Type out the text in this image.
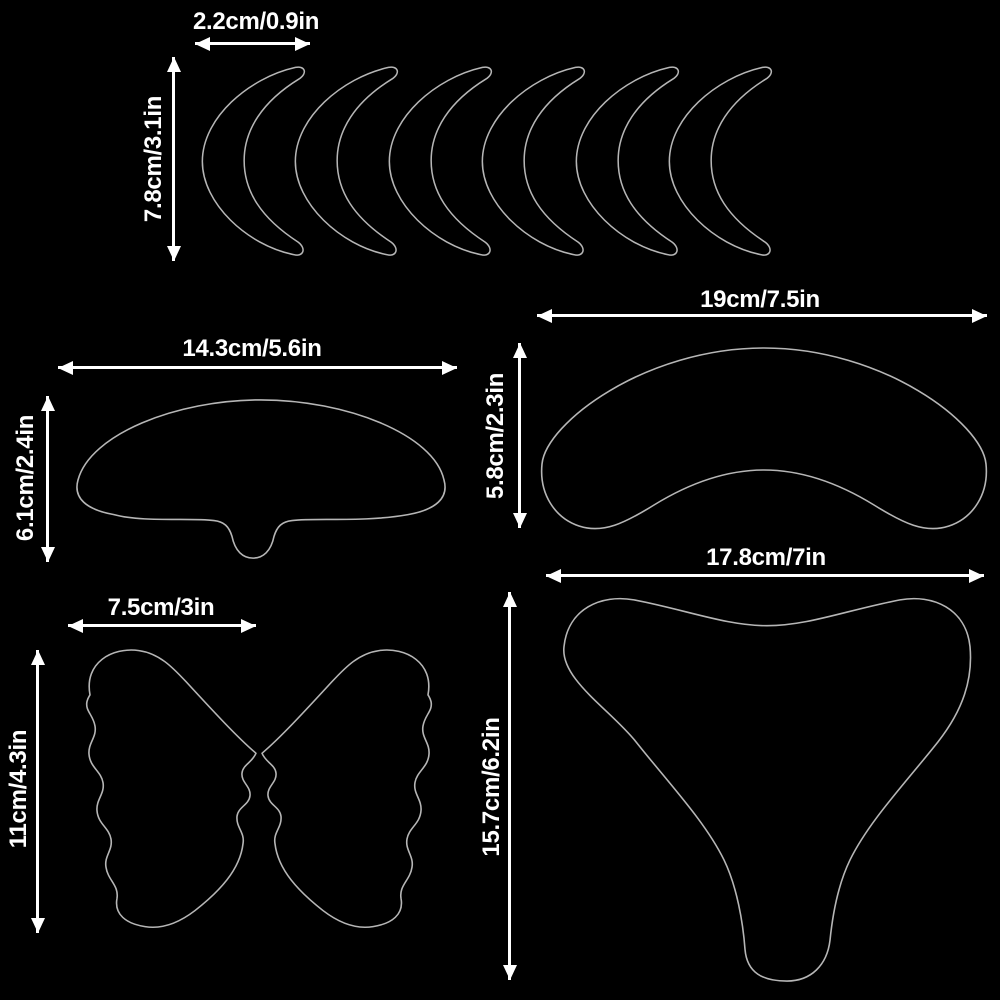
2.2cm/0.9in
7.8cm/3.1in
14.3cm/5.6in
6.1cm/2.4in
19cm/7.5in
5.8cm/2.3in
7.5cm/3in
11cm/4.3in
17.8cm/7in
15.7cm/6.2in
